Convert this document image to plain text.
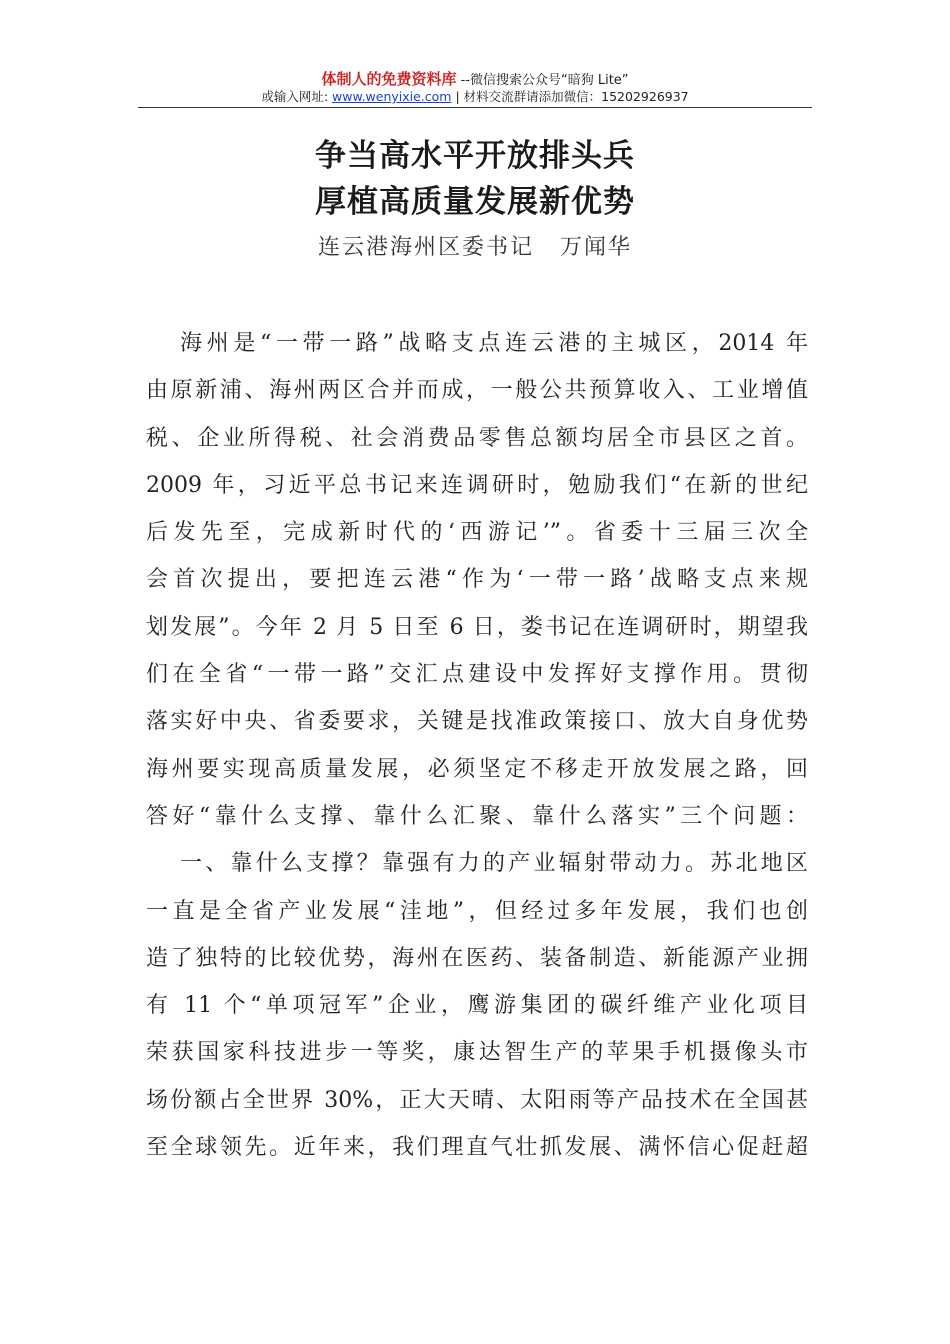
体制人的免费资料库 --微信搜索公众号“暗狗 Lite”
或输入网址: www.wenyixie.com | 材料交流群请添加微信：15202926937
争当高水平开放排头兵
厚植高质量发展新优势
连云港海州区委书记 万闻华
海州是“一带一路”战略支点连云港的主城区，2014 年
由原新浦、海州两区合并而成，一般公共预算收入、工业增值
税、企业所得税、社会消费品零售总额均居全市县区之首。
2009 年，习近平总书记来连调研时，勉励我们“在新的世纪
后发先至，完成新时代的‘西游记’”。省委十三届三次全
会首次提出，要把连云港“作为‘一带一路’战略支点来规
划发展”。今年 2 月 5 日至 6 日，娄书记在连调研时，期望我
们在全省“一带一路”交汇点建设中发挥好支撑作用。贯彻
落实好中央、省委要求，关键是找准政策接口、放大自身优势
海州要实现高质量发展，必须坚定不移走开放发展之路，回
答好“靠什么支撑、靠什么汇聚、靠什么落实”三个问题：
一、靠什么支撑？靠强有力的产业辐射带动力。苏北地区
一直是全省产业发展“洼地”，但经过多年发展，我们也创
造了独特的比较优势，海州在医药、装备制造、新能源产业拥
有 11 个“单项冠军”企业，鹰游集团的碳纤维产业化项目
荣获国家科技进步一等奖，康达智生产的苹果手机摄像头市
场份额占全世界 30%，正大天晴、太阳雨等产品技术在全国甚
至全球领先。近年来，我们理直气壮抓发展、满怀信心促赶超
